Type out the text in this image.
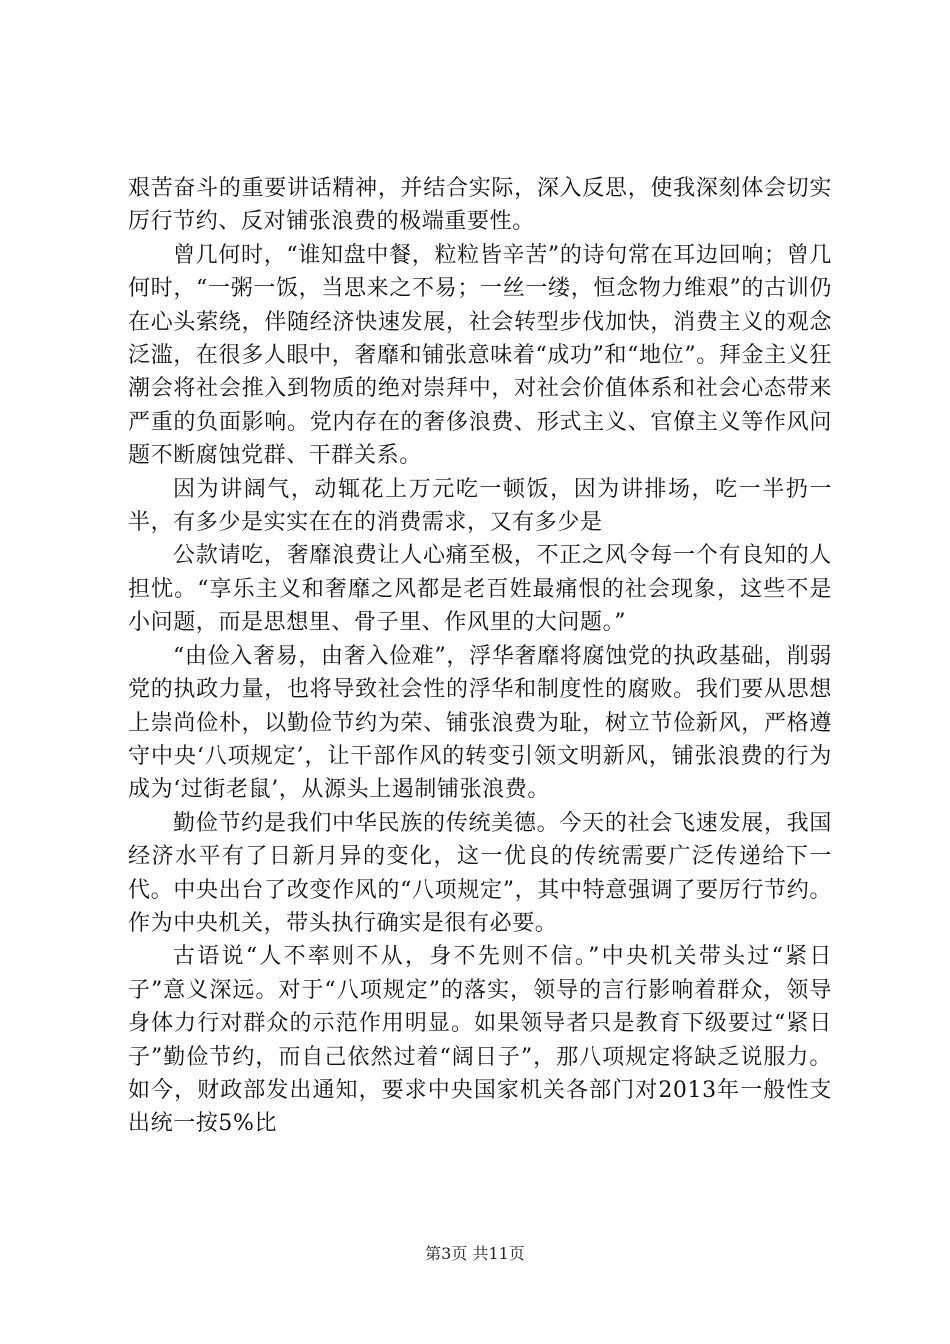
艰苦奋斗的重要讲话精神，并结合实际，深入反思，使我深刻体会切实厉行节约、反对铺张浪费的极端重要性。

曾几何时，“谁知盘中餐，粒粒皆辛苦”的诗句常在耳边回响；曾几何时，“一粥一饭，当思来之不易；一丝一缕，恒念物力维艰”的古训仍在心头萦绕，伴随经济快速发展，社会转型步伐加快，消费主义的观念泛滥，在很多人眼中，奢靡和铺张意味着“成功”和“地位”。拜金主义狂潮会将社会推入到物质的绝对崇拜中，对社会价值体系和社会心态带来严重的负面影响。党内存在的奢侈浪费、形式主义、官僚主义等作风问题不断腐蚀党群、干群关系。

因为讲阔气，动辄花上万元吃一顿饭，因为讲排场，吃一半扔一半，有多少是实实在在的消费需求，又有多少是

公款请吃，奢靡浪费让人心痛至极，不正之风令每一个有良知的人担忧。“享乐主义和奢靡之风都是老百姓最痛恨的社会现象，这些不是小问题，而是思想里、骨子里、作风里的大问题。”

“由俭入奢易，由奢入俭难”，浮华奢靡将腐蚀党的执政基础，削弱党的执政力量，也将导致社会性的浮华和制度性的腐败。我们要从思想上崇尚俭朴，以勤俭节约为荣、铺张浪费为耻，树立节俭新风，严格遵守中央‘八项规定’，让干部作风的转变引领文明新风，铺张浪费的行为成为‘过街老鼠’，从源头上遏制铺张浪费。

勤俭节约是我们中华民族的传统美德。今天的社会飞速发展，我国经济水平有了日新月异的变化，这一优良的传统需要广泛传递给下一代。中央出台了改变作风的“八项规定”，其中特意强调了要厉行节约。作为中央机关，带头执行确实是很有必要。

古语说“人不率则不从，身不先则不信。”中央机关带头过“紧日子”意义深远。对于“八项规定”的落实，领导的言行影响着群众，领导身体力行对群众的示范作用明显。如果领导者只是教育下级要过“紧日子”勤俭节约，而自己依然过着“阔日子”，那八项规定将缺乏说服力。如今，财政部发出通知，要求中央国家机关各部门对2013年一般性支出统一按5%比

第3页 共11页
